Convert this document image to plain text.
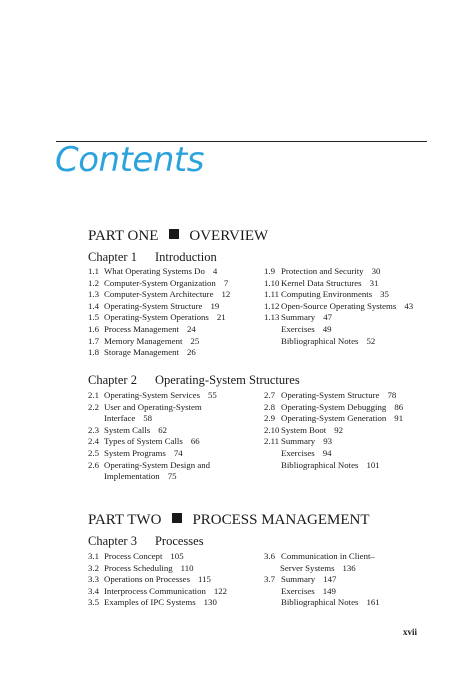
Contents
PART ONE OVERVIEW
Chapter 1 Introduction
1.1 What Operating Systems Do 4
1.2 Computer-System Organization 7
1.3 Computer-System Architecture 12
1.4 Operating-System Structure 19
1.5 Operating-System Operations 21
1.6 Process Management 24
1.7 Memory Management 25
1.8 Storage Management 26
1.9 Protection and Security 30
1.10 Kernel Data Structures 31
1.11 Computing Environments 35
1.12 Open-Source Operating Systems 43
1.13 Summary 47
Exercises 49
Bibliographical Notes 52
Chapter 2 Operating-System Structures
2.1 Operating-System Services 55
2.2 User and Operating-System
Interface 58
2.3 System Calls 62
2.4 Types of System Calls 66
2.5 System Programs 74
2.6 Operating-System Design and
Implementation 75
2.7 Operating-System Structure 78
2.8 Operating-System Debugging 86
2.9 Operating-System Generation 91
2.10 System Boot 92
2.11 Summary 93
Exercises 94
Bibliographical Notes 101
PART TWO PROCESS MANAGEMENT
Chapter 3 Processes
3.1 Process Concept 105
3.2 Process Scheduling 110
3.3 Operations on Processes 115
3.4 Interprocess Communication 122
3.5 Examples of IPC Systems 130
3.6 Communication in Client–
Server Systems 136
3.7 Summary 147
Exercises 149
Bibliographical Notes 161
xvii
